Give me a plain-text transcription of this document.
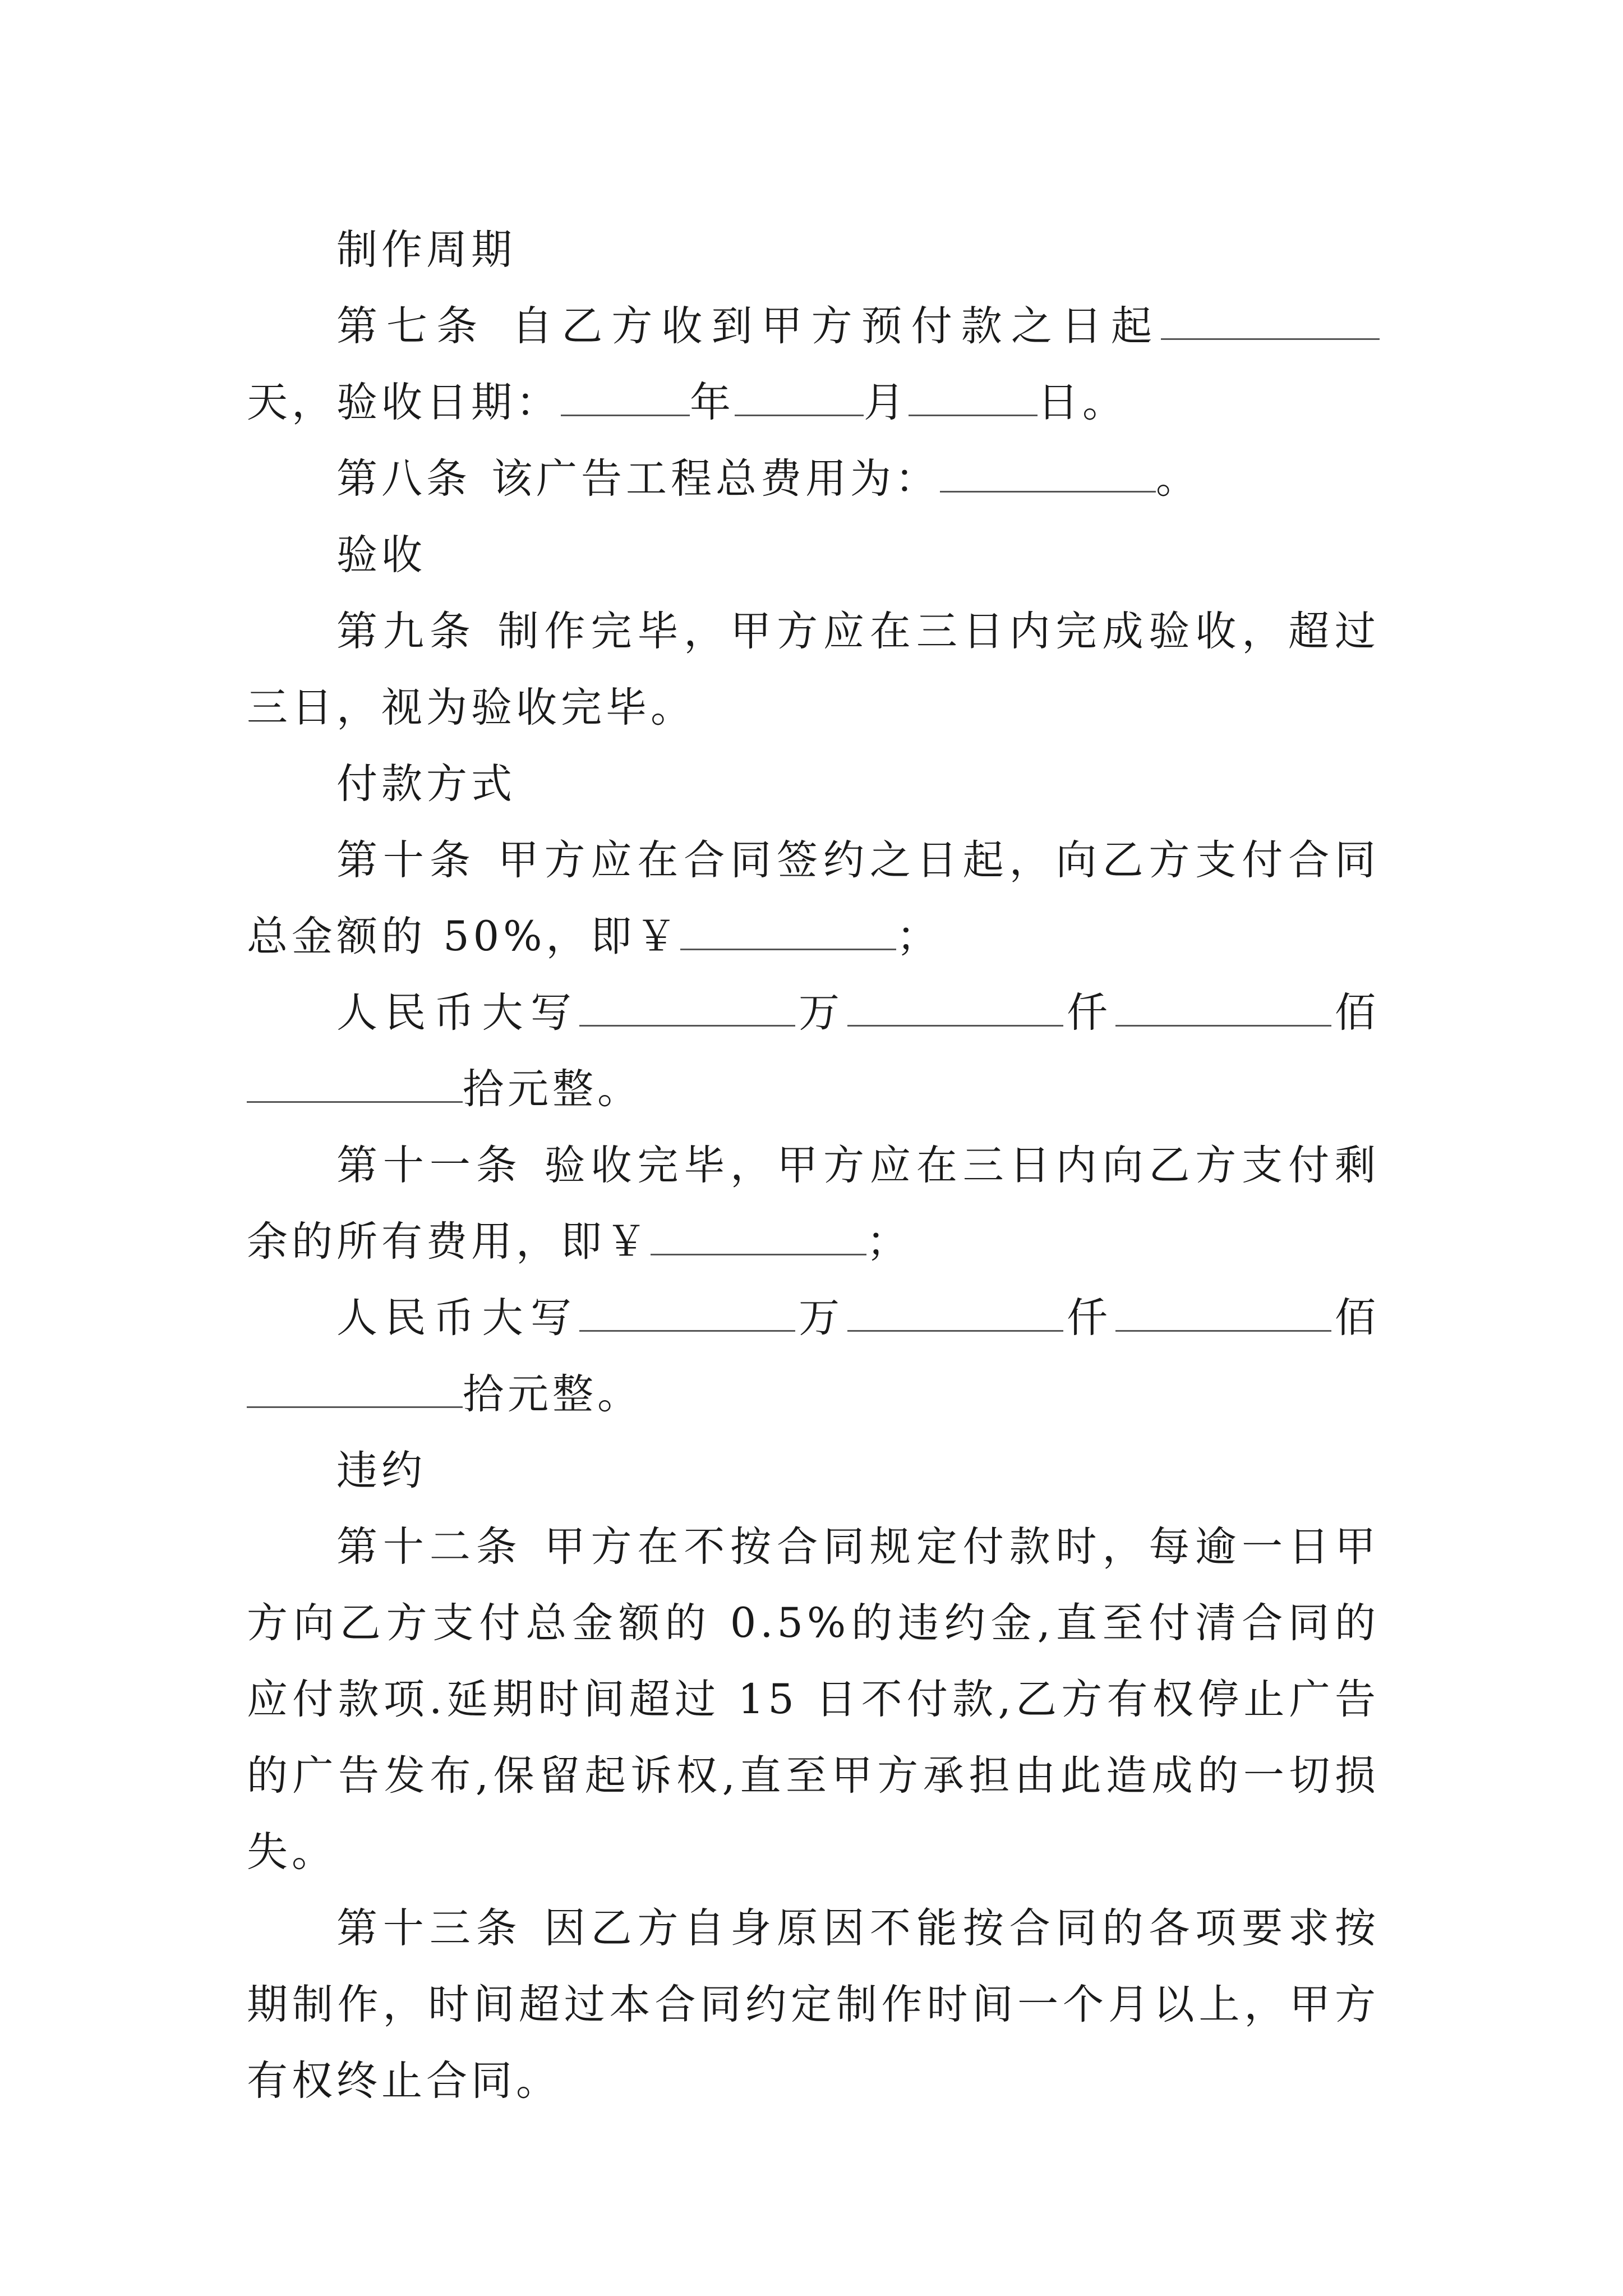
制作周期

第七条 自乙方收到甲方预付款之日起天，验收日期：	年	月	日。

第八条 该广告工程总费用为：	。

验收

第九条 制作完毕，甲方应在三日内完成验收，超过三日，视为验收完毕。

付款方式

第十条 甲方应在合同签约之日起，向乙方支付合同总金额的 50%，即￥	；

人民币大写	万	仟	佰拾元整。

第十一条 验收完毕，甲方应在三日内向乙方支付剩余的所有费用，即￥	；

人民币大写	万	仟	佰拾元整。

违约

第十二条 甲方在不按合同规定付款时，每逾一日甲方向乙方支付总金额的 0.5%的违约金,直至付清合同的应付款项.延期时间超过 15 日不付款,乙方有权停止广告的广告发布,保留起诉权,直至甲方承担由此造成的一切损失。

第十三条 因乙方自身原因不能按合同的各项要求按期制作，时间超过本合同约定制作时间一个月以上，甲方有权终止合同。
